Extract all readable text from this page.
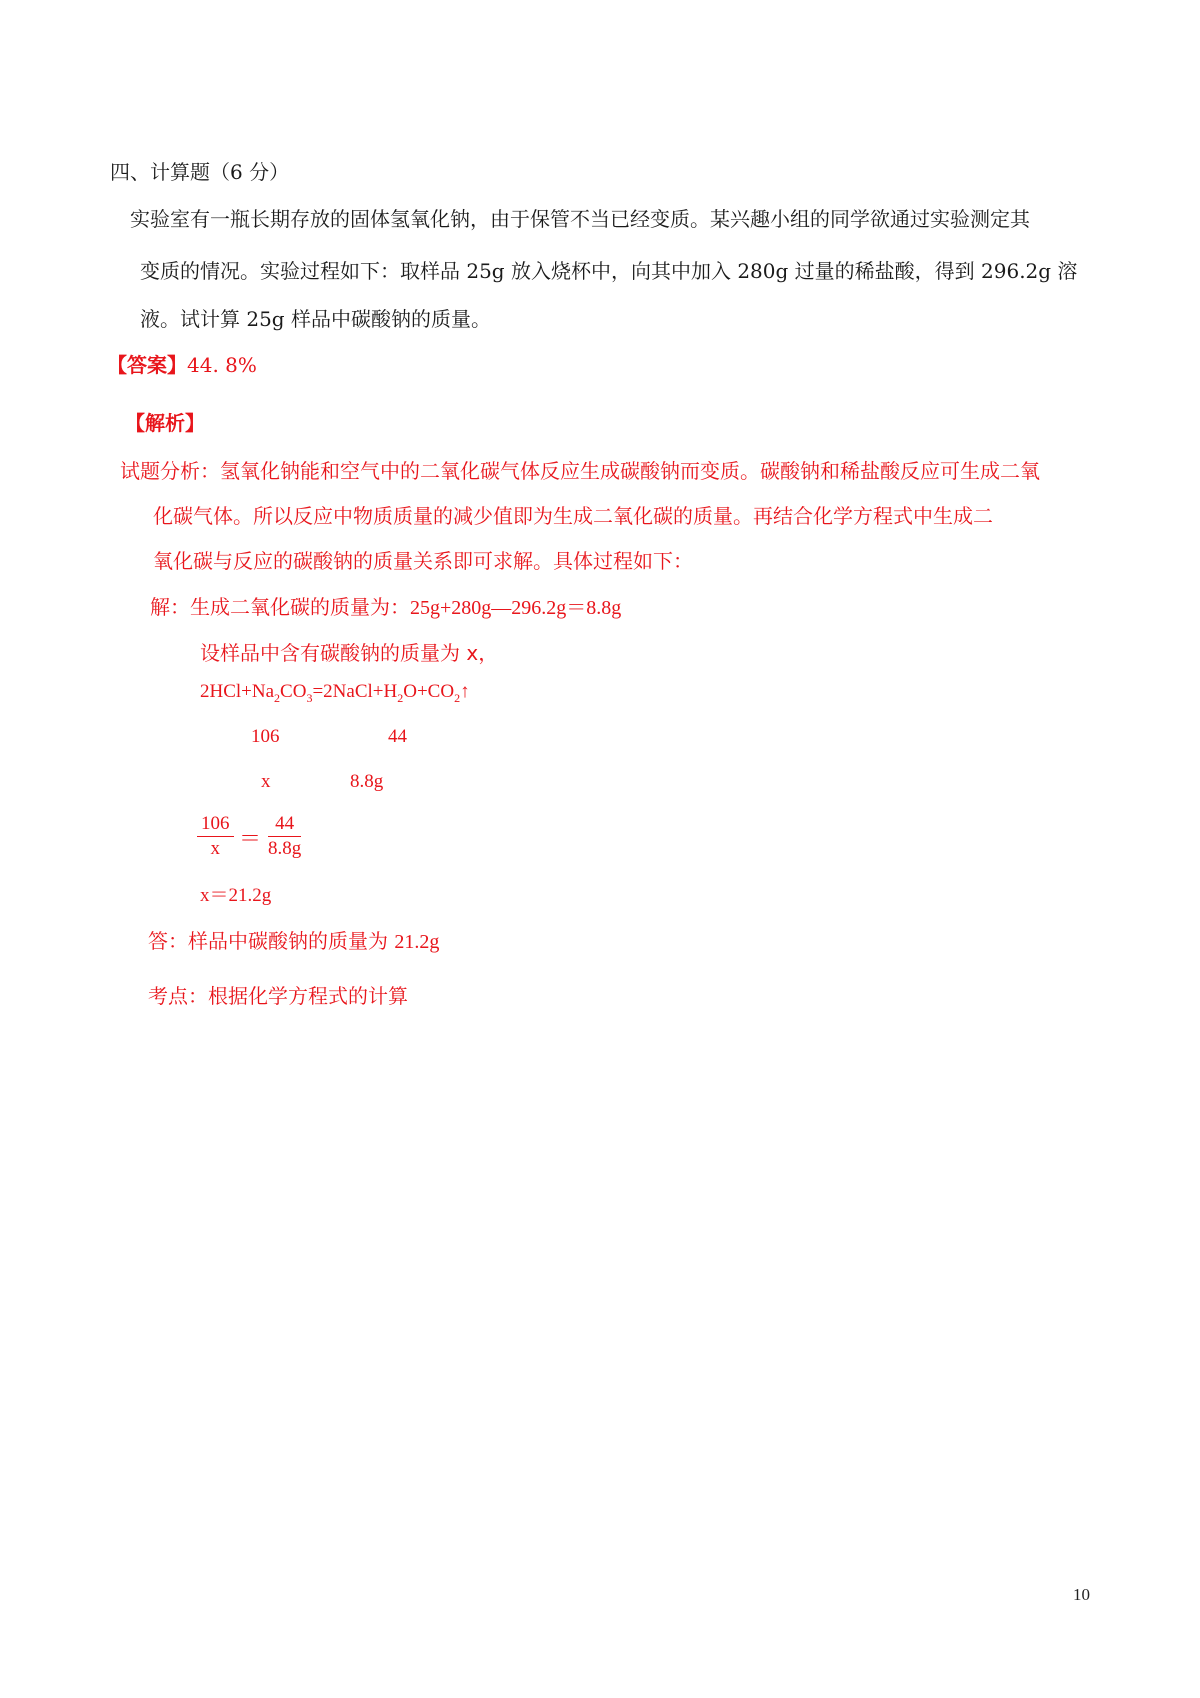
四、计算题（6 分）
实验室有一瓶长期存放的固体氢氧化钠，由于保管不当已经变质。某兴趣小组的同学欲通过实验测定其
变质的情况。实验过程如下：取样品 25g 放入烧杯中，向其中加入 280g 过量的稀盐酸，得到 296.2g 溶
液。试计算 25g 样品中碳酸钠的质量。
【答案】44. 8%
【解析】
试题分析：氢氧化钠能和空气中的二氧化碳气体反应生成碳酸钠而变质。碳酸钠和稀盐酸反应可生成二氧
化碳气体。所以反应中物质质量的减少值即为生成二氧化碳的质量。再结合化学方程式中生成二
氧化碳与反应的碳酸钠的质量关系即可求解。具体过程如下：
解：生成二氧化碳的质量为：25g+280g—296.2g＝8.8g
设样品中含有碳酸钠的质量为 x，
$2HCl+Na_2CO_3=2NaCl+H_2O+CO_2↑$
106	44
x	8.8g
$\frac{106}{x} = \frac{44}{8.8g}$
x＝21.2g
答：样品中碳酸钠的质量为 21.2g
考点：根据化学方程式的计算
10
